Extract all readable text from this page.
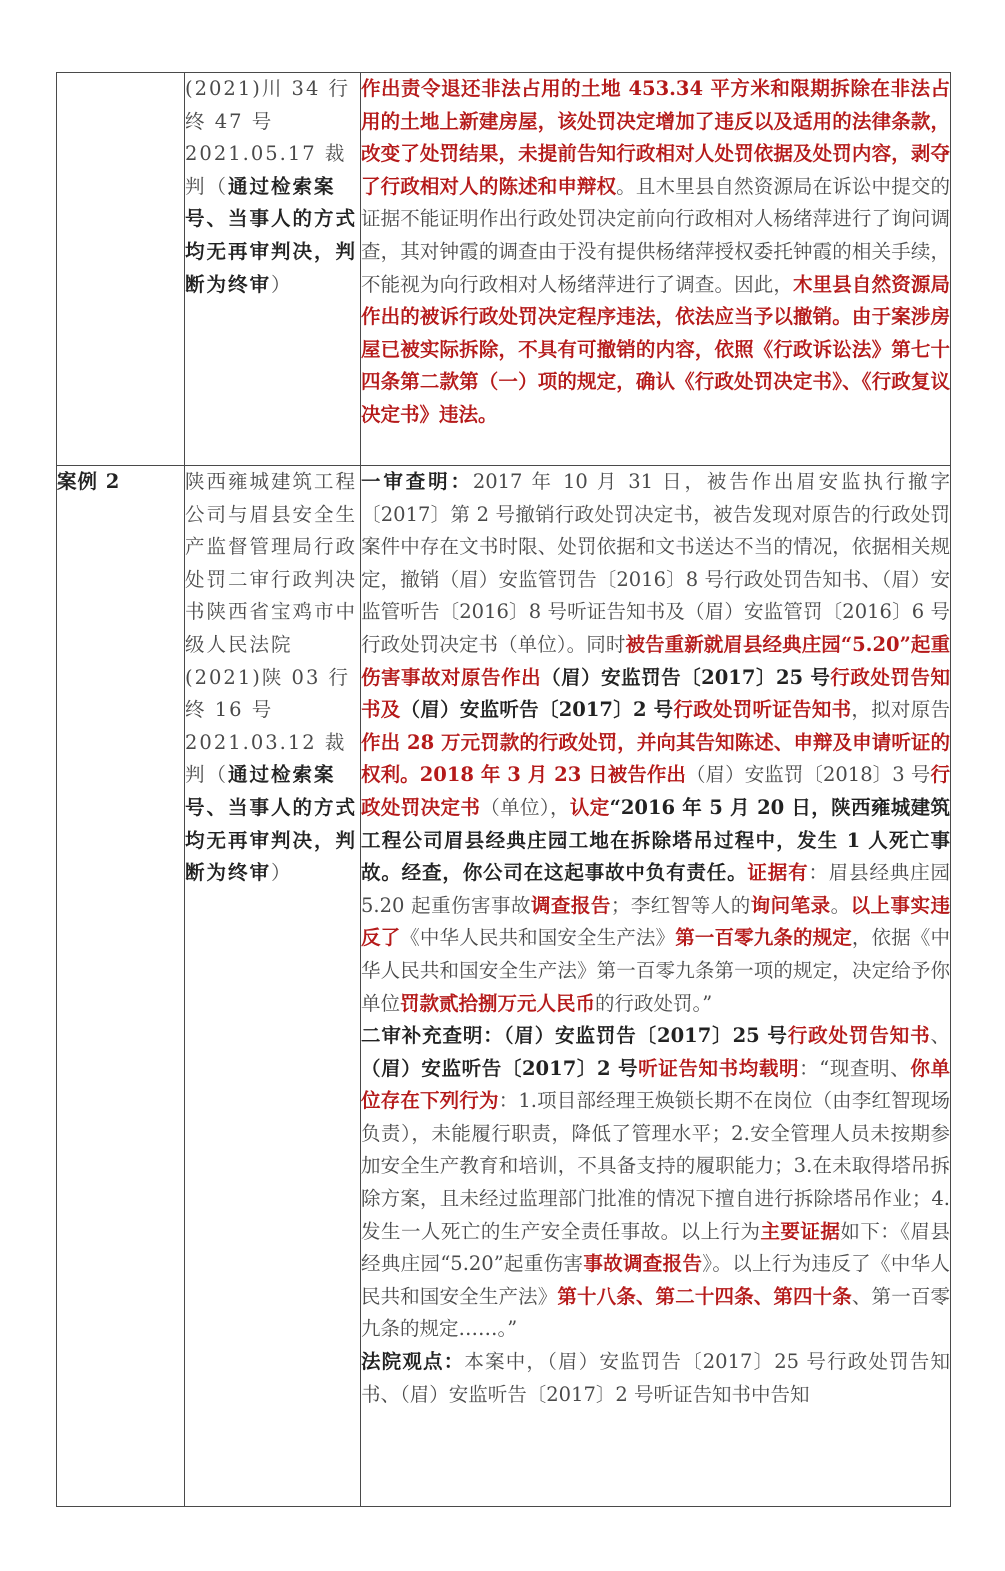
	(2021)川 34 行终 47 号2021.05.17 裁判（通过检索案号、当事人的方式均无再审判决，判断为终审）	作出责令退还非法占用的土地 453.34 平方米和限期拆除在非法占用的土地上新建房屋，该处罚决定增加了违反以及适用的法律条款，改变了处罚结果，未提前告知行政相对人处罚依据及处罚内容，剥夺了行政相对人的陈述和申辩权。且木里县自然资源局在诉讼中提交的证据不能证明作出行政处罚决定前向行政相对人杨绪萍进行了询问调查，其对钟霞的调查由于没有提供杨绪萍授权委托钟霞的相关手续，不能视为向行政相对人杨绪萍进行了调查。因此，木里县自然资源局作出的被诉行政处罚决定程序违法，依法应当予以撤销。由于案涉房屋已被实际拆除，不具有可撤销的内容，依照《行政诉讼法》第七十四条第二款第（一）项的规定，确认《行政处罚决定书》、《行政复议决定书》违法。

案例 2	陕西雍城建筑工程公司与眉县安全生产监督管理局行政处罚二审行政判决书陕西省宝鸡市中级人民法院(2021)陕 03 行终 16 号2021.03.12 裁判（通过检索案号、当事人的方式均无再审判决，判断为终审）	一审查明：2017 年 10 月 31 日，被告作出眉安监执行撤字〔2017〕第 2 号撤销行政处罚决定书，被告发现对原告的行政处罚案件中存在文书时限、处罚依据和文书送达不当的情况，依据相关规定，撤销（眉）安监管罚告〔2016〕8 号行政处罚告知书、（眉）安监管听告〔2016〕8 号听证告知书及（眉）安监管罚〔2016〕6 号行政处罚决定书（单位）。同时被告重新就眉县经典庄园“5.20”起重伤害事故对原告作出（眉）安监罚告〔2017〕25 号行政处罚告知书及（眉）安监听告〔2017〕2 号行政处罚听证告知书，拟对原告作出 28 万元罚款的行政处罚，并向其告知陈述、申辩及申请听证的权利。2018 年 3 月 23 日被告作出（眉）安监罚〔2018〕3 号行政处罚决定书（单位），认定“2016 年 5 月 20 日，陕西雍城建筑工程公司眉县经典庄园工地在拆除塔吊过程中，发生 1 人死亡事故。经查，你公司在这起事故中负有责任。证据有：眉县经典庄园 5.20 起重伤害事故调查报告；李红智等人的询问笔录。以上事实违反了《中华人民共和国安全生产法》第一百零九条的规定，依据《中华人民共和国安全生产法》第一百零九条第一项的规定，决定给予你单位罚款贰拾捌万元人民币的行政处罚。”
二审补充查明：（眉）安监罚告〔2017〕25 号行政处罚告知书、（眉）安监听告〔2017〕2 号听证告知书均载明：“现查明、你单位存在下列行为：1.项目部经理王焕锁长期不在岗位（由李红智现场负责），未能履行职责，降低了管理水平；2.安全管理人员未按期参加安全生产教育和培训，不具备支持的履职能力；3.在未取得塔吊拆除方案，且未经过监理部门批准的情况下擅自进行拆除塔吊作业；4.发生一人死亡的生产安全责任事故。以上行为主要证据如下：《眉县经典庄园“5.20”起重伤害事故调查报告》。以上行为违反了《中华人民共和国安全生产法》第十八条、第二十四条、第四十条、第一百零九条的规定……。”
法院观点：本案中，（眉）安监罚告〔2017〕25 号行政处罚告知书、（眉）安监听告〔2017〕2 号听证告知书中告知
